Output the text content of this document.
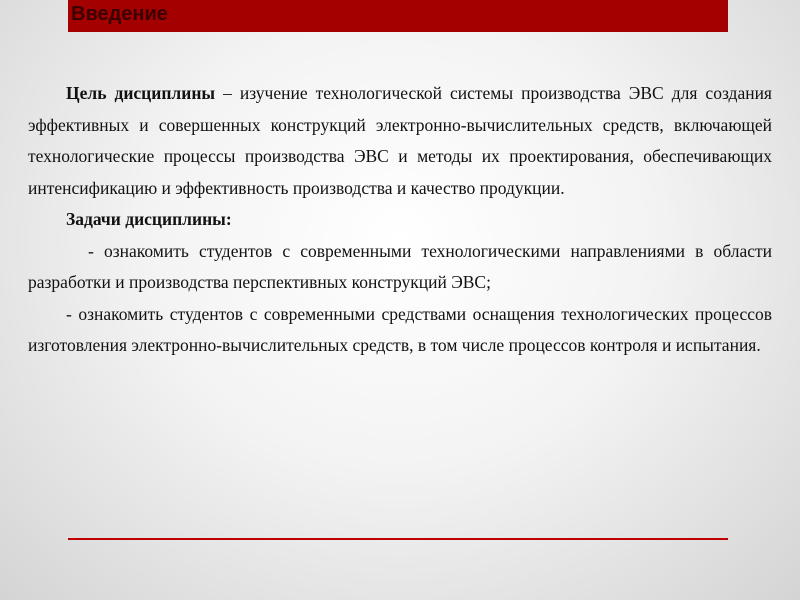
Введение

Цель дисциплины – изучение технологической системы производства ЭВС для создания эффективных и совершенных конструкций электронно-вычислительных средств, включающей технологические процессы производства ЭВС и методы их проектирования, обеспечивающих интенсификацию и эффективность производства и качество продукции.

Задачи дисциплины:

- ознакомить студентов с современными технологическими направлениями в области разработки и производства перспективных конструкций ЭВС;

- ознакомить студентов с современными средствами оснащения технологических процессов изготовления электронно-вычислительных средств, в том числе процессов контроля и испытания.
